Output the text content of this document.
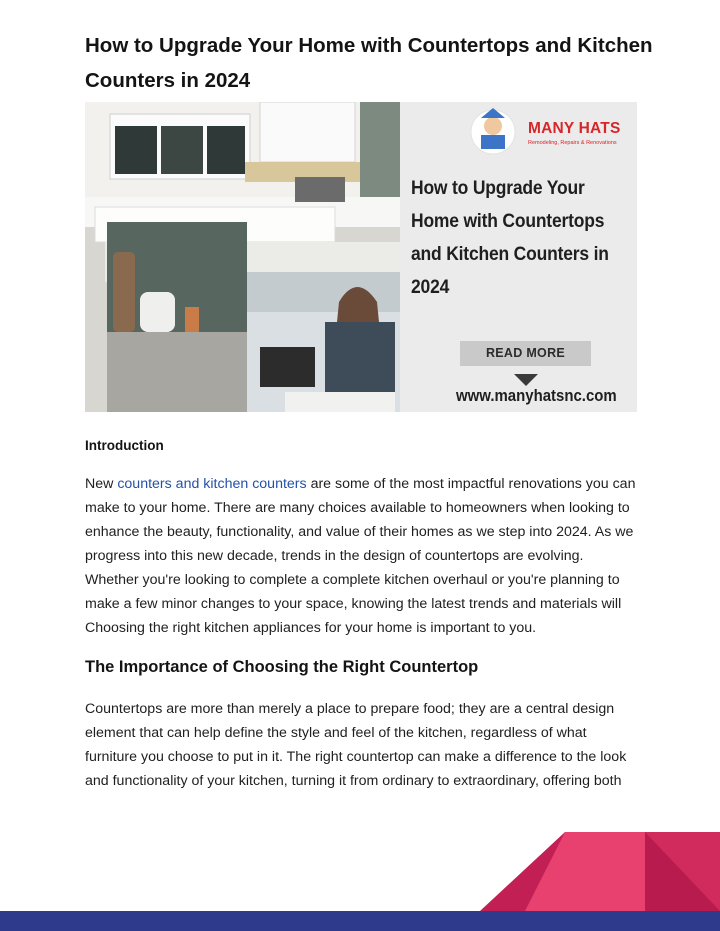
How to Upgrade Your Home with Countertops and Kitchen Counters in 2024
MANY HATS
Remodeling, Repairs & Renovations
How to Upgrade Your Home with Countertops and Kitchen Counters in 2024
READ MORE
www.manyhatsnc.com
Introduction
New counters and kitchen counters are some of the most impactful renovations you can make to your home. There are many choices available to homeowners when looking to enhance the beauty, functionality, and value of their homes as we step into 2024. As we progress into this new decade, trends in the design of countertops are evolving. Whether you're looking to complete a complete kitchen overhaul or you're planning to make a few minor changes to your space, knowing the latest trends and materials will Choosing the right kitchen appliances for your home is important to you.
The Importance of Choosing the Right Countertop
Countertops are more than merely a place to prepare food; they are a central design element that can help define the style and feel of the kitchen, regardless of what furniture you choose to put in it. The right countertop can make a difference to the look and functionality of your kitchen, turning it from ordinary to extraordinary, offering both
